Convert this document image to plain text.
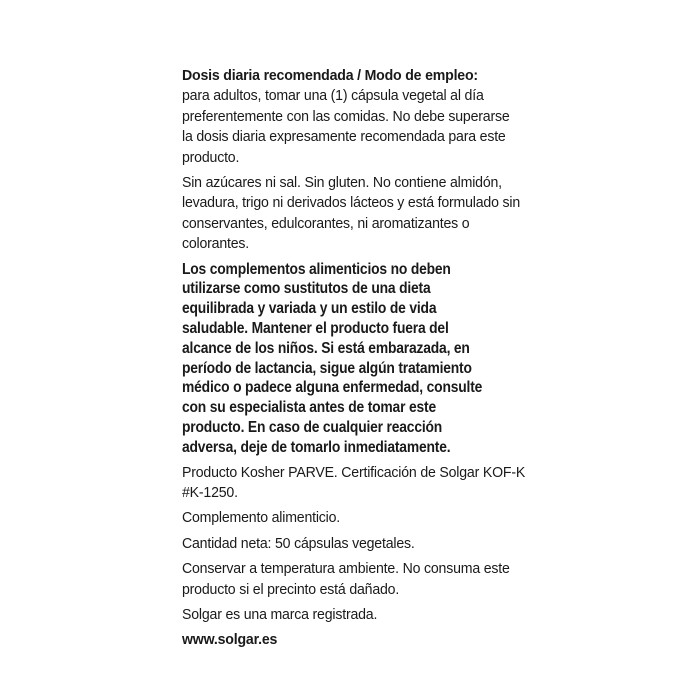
Dosis diaria recomendada / Modo de empleo:
para adultos, tomar una (1) cápsula vegetal al día
preferentemente con las comidas. No debe superarse
la dosis diaria expresamente recomendada para este
producto.
Sin azúcares ni sal. Sin gluten. No contiene almidón,
levadura, trigo ni derivados lácteos y está formulado sin
conservantes, edulcorantes, ni aromatizantes o
colorantes.
Los complementos alimenticios no deben
utilizarse como sustitutos de una dieta
equilibrada y variada y un estilo de vida
saludable. Mantener el producto fuera del
alcance de los niños. Si está embarazada, en
período de lactancia, sigue algún tratamiento
médico o padece alguna enfermedad, consulte
con su especialista antes de tomar este
producto. En caso de cualquier reacción
adversa, deje de tomarlo inmediatamente.
Producto Kosher PARVE. Certificación de Solgar KOF-K
#K-1250.
Complemento alimenticio.
Cantidad neta: 50 cápsulas vegetales.
Conservar a temperatura ambiente. No consuma este
producto si el precinto está dañado.
Solgar es una marca registrada.
www.solgar.es
